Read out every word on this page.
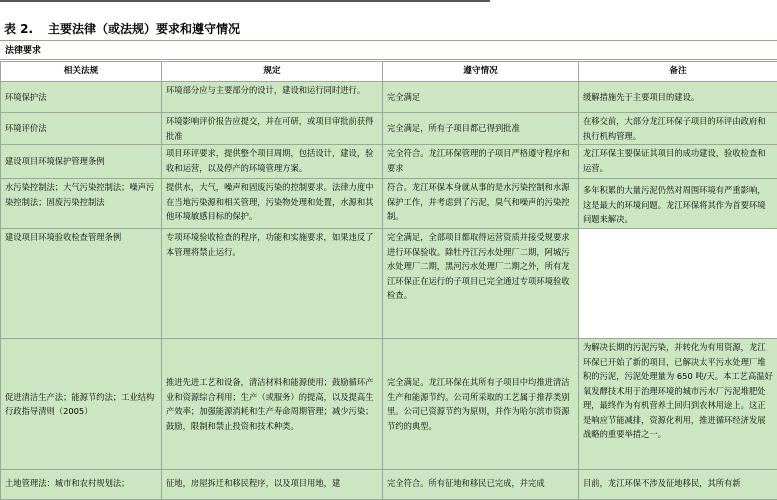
表 2. 主要法律（或法规）要求和遵守情况
法律要求
相关法规	规定	遵守情况	备注
环境保护法	环境部分应与主要部分的设计，建设和运行同时进行。	完全满足	缓解措施先于主要项目的建设。
环境评价法	环境影响评价报告应提交，并在可研，或项目审批前获得批准	完全满足，所有子项目都已得到批准	在移交前，大部分龙江环保子项目的环评由政府和执行机构管理。
建设项目环境保护管理条例	项目环评要求，提供整个项目周期，包括设计，建设，验收和运营，以及停产的环境管理方案。	完全符合。龙江环保管理的子项目严格遵守程序和要求	龙江环保主要保证其项目的成功建设，验收检查和运营。
水污染控制法；大气污染控制法；噪声污染控制法；固废污染控制法	提供水，大气，噪声和固废污染的控制要求。法律力度中在当地污染源和相关管理，污染物处理和处置，水源和其他环境敏感目标的保护。	符合。龙江环保本身就从事的是水污染控制和水源保护工作，并考虑到了污泥，臭气和噪声的污染控制。	多年积累的大量污泥仍然对周围环境有严重影响，这是最大的环境问题。龙江环保将其作为首要环境问题来解决。
建设项目环境验收检查管理条例	专项环境验收检查的程序，功能和实施要求，如果违反了本管理将禁止运行。	完全满足，全部项目都取得运营资质并接受规要求进行环保验收。除牡丹江污水处理厂二期，阿城污水处理厂二期，黑河污水处理厂二期之外，所有龙江环保正在运行的子项目已完全通过专项环境验收检查。	
促进清洁生产法；能源节约法；工业结构行政指导清则（2005）	推进先进工艺和设备，清洁材料和能源使用；鼓励循环产业和资源综合利用；生产（或服务）的提高，以及提高生产效率；加强能源消耗和生产寿命周期管理；减少污染；鼓励，限制和禁止投资和技术种类。	完全满足。龙江环保在其所有子项目中均推进清洁生产和能源节约。公司所采取的工艺属于推荐类别里。公司已资源节约为原则，并作为哈尔滨市资源节约的典型。	为解决长期的污泥污染，并转化为有用资源，龙江环保已开始了新的项目，已解决太平污水处理厂堆积的污泥，污泥处理量为 650 吨/天。本工艺高温好氧发酵技术用于治理环境的城市污水厂污泥堆肥处理，最终作为有机营养土回归到农林用途上。这正是响应节能减排，资源化利用，推进循环经济发展战略的重要举措之一。
土地管理法：城市和农村规划法；	征地，房屋拆迁和移民程序，以及项目用地，建	完全符合。所有征地和移民已完成，并完成	目前，龙江环保不涉及征地移民，其所有新
